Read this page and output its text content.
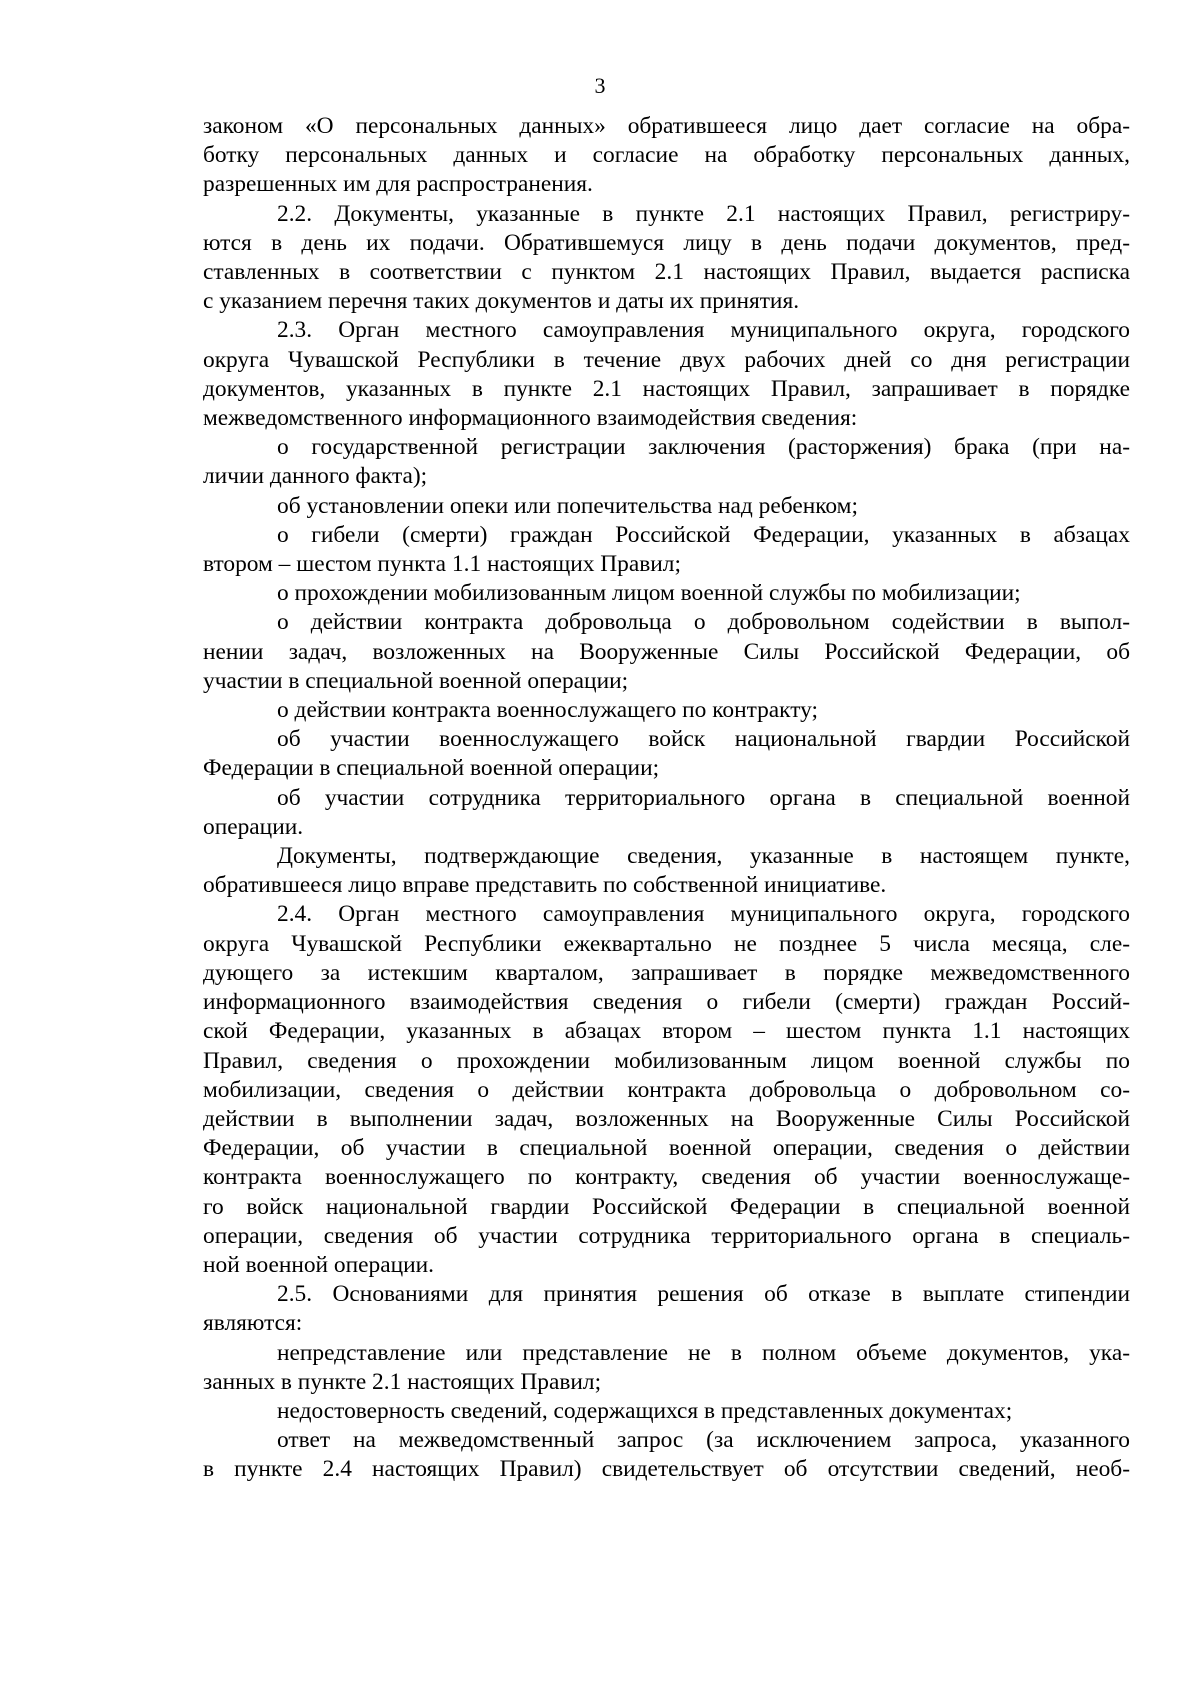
3
законом «О персональных данных» обратившееся лицо дает согласие на обра-
ботку персональных данных и согласие на обработку персональных данных,
разрешенных им для распространения.
2.2. Документы, указанные в пункте 2.1 настоящих Правил, регистриру-
ются в день их подачи. Обратившемуся лицу в день подачи документов, пред-
ставленных в соответствии с пунктом 2.1 настоящих Правил, выдается расписка
с указанием перечня таких документов и даты их принятия.
2.3. Орган местного самоуправления муниципального округа, городского
округа Чувашской Республики в течение двух рабочих дней со дня регистрации
документов, указанных в пункте 2.1 настоящих Правил, запрашивает в порядке
межведомственного информационного взаимодействия сведения:
о государственной регистрации заключения (расторжения) брака (при на-
личии данного факта);
об установлении опеки или попечительства над ребенком;
о гибели (смерти) граждан Российской Федерации, указанных в абзацах
втором – шестом пункта 1.1 настоящих Правил;
о прохождении мобилизованным лицом военной службы по мобилизации;
о действии контракта добровольца о добровольном содействии в выпол-
нении задач, возложенных на Вооруженные Силы Российской Федерации, об
участии в специальной военной операции;
о действии контракта военнослужащего по контракту;
об участии военнослужащего войск национальной гвардии Российской
Федерации в специальной военной операции;
об участии сотрудника территориального органа в специальной военной
операции.
Документы, подтверждающие сведения, указанные в настоящем пункте,
обратившееся лицо вправе представить по собственной инициативе.
2.4. Орган местного самоуправления муниципального округа, городского
округа Чувашской Республики ежеквартально не позднее 5 числа месяца, сле-
дующего за истекшим кварталом, запрашивает в порядке межведомственного
информационного взаимодействия сведения о гибели (смерти) граждан Россий-
ской Федерации, указанных в абзацах втором – шестом пункта 1.1 настоящих
Правил, сведения о прохождении мобилизованным лицом военной службы по
мобилизации, сведения о действии контракта добровольца о добровольном со-
действии в выполнении задач, возложенных на Вооруженные Силы Российской
Федерации, об участии в специальной военной операции, сведения о действии
контракта военнослужащего по контракту, сведения об участии военнослужаще-
го войск национальной гвардии Российской Федерации в специальной военной
операции, сведения об участии сотрудника территориального органа в специаль-
ной военной операции.
2.5. Основаниями для принятия решения об отказе в выплате стипендии
являются:
непредставление или представление не в полном объеме документов, ука-
занных в пункте 2.1 настоящих Правил;
недостоверность сведений, содержащихся в представленных документах;
ответ на межведомственный запрос (за исключением запроса, указанного
в пункте 2.4 настоящих Правил) свидетельствует об отсутствии сведений, необ-
